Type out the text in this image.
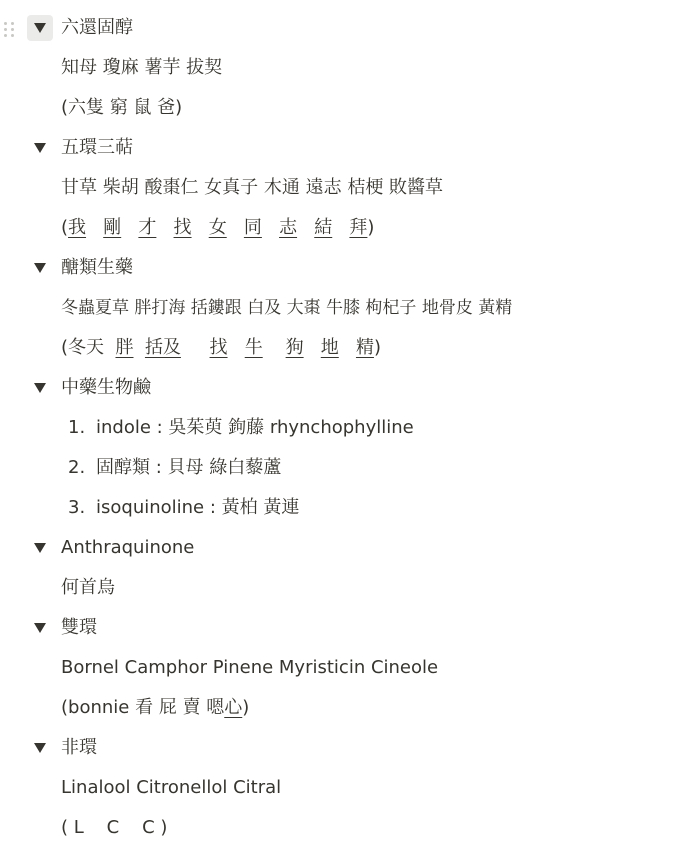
六還固醇
知母 瓊麻 薯芋 拔契
(六隻 窮 鼠 爸)
五環三萜
甘草 柴胡 酸棗仁 女真子 木通 遠志 桔梗 敗醬草
(我 剛 才 找 女 同 志 結 拜)
醣類生藥
冬蟲夏草 胖打海 括鏤跟 白及 大棗 牛膝 枸杞子 地骨皮 黃精
(冬天 胖 括及 找 牛 狗 地 精)
中藥生物鹼
1. indole : 吳茱萸 鉤藤 rhynchophylline
2. 固醇類 : 貝母 綠白藜蘆
3. isoquinoline : 黃柏 黃連
Anthraquinone
何首烏
雙環
Bornel Camphor Pinene Myristicin Cineole
(bonnie 看 屁 賣 嗯心)
非環
Linalool Citronellol Citral
( L    C    C )
